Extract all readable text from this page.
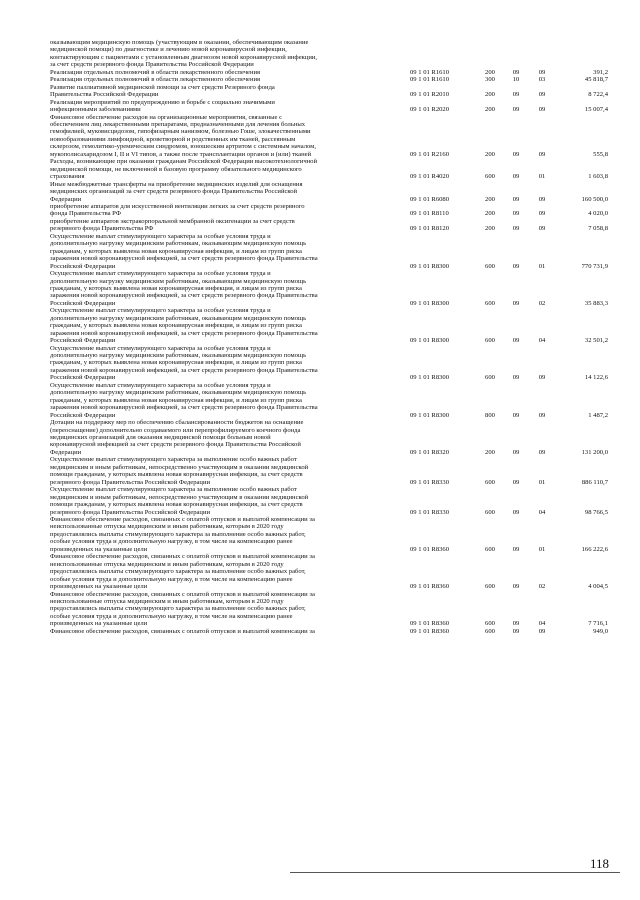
оказывающим медицинскую помощь (участвующим в оказании, обеспечивающим оказание
медицинской помощи) по диагностике и лечению новой коронавирусной инфекции,
контактирующим с пациентами с установленным диагнозом новой коронавирусной инфекции,
за счет средств резервного фонда Правительства Российской Федерации
Реализация отдельных полномочий в области лекарственного обеспечения	09 1 01 R1610	200	09	09	391,2
Реализация отдельных полномочий в области лекарственного обеспечения	09 1 01 R1610	300	10	03	45 818,7
Развитие паллиативной медицинской помощи за счет средств Резервного фонда
Правительства Российской Федерации	09 1 01 R2010	200	09	09	8 722,4
Реализация мероприятий по предупреждению и борьбе с социально значимыми
инфекционными заболеваниями	09 1 01 R2020	200	09	09	15 007,4
Финансовое обеспечение расходов на организационные мероприятия, связанные с
обеспечением лиц лекарственными препаратами, предназначенными для лечения больных
гемофилией, муковисцидозом, гипофизарным нанизмом, болезнью Гоше, злокачественными
новообразованиями лимфоидной, кроветворной и родственных им тканей, рассеянным
склерозом, гемолитико-уремическим синдромом, юношеским артритом с системным началом,
мукополисахаридозом I, II и VI типов, а также после трансплантации органов и (или) тканей	09 1 01 R2160	200	09	09	555,8
Расходы, возникающие при оказании гражданам Российской Федерации высокотехнологичной
медицинской помощи, не включенной в базовую программу обязательного медицинского
страхования	09 1 01 R4020	600	09	01	1 603,8
Иные межбюджетные трансферты на приобретение медицинских изделий для оснащения
медицинских организаций за счет средств резервного фонда Правительства Российской
Федерации	09 1 01 R6080	200	09	09	160 500,0
приобретение аппаратов для искусственной вентиляции легких за счет средств резервного
фонда Правительства РФ	09 1 01 R8110	200	09	09	4 020,0
приобретение аппаратов экстракорпоральной мембранной оксигенации за счет средств
резервного фонда Правительства РФ	09 1 01 R8120	200	09	09	7 058,8
Осуществление выплат стимулирующего характера за особые условия труда и
дополнительную нагрузку медицинским работникам, оказывающим медицинскую помощь
гражданам, у которых выявлена новая коронавирусная инфекция, и лицам из групп риска
заражения новой коронавирусной инфекцией, за счет средств резервного фонда Правительства
Российской Федерации	09 1 01 R8300	600	09	01	770 731,9
Осуществление выплат стимулирующего характера за особые условия труда и
дополнительную нагрузку медицинским работникам, оказывающим медицинскую помощь
гражданам, у которых выявлена новая коронавирусная инфекция, и лицам из групп риска
заражения новой коронавирусной инфекцией, за счет средств резервного фонда Правительства
Российской Федерации	09 1 01 R8300	600	09	02	35 883,3
Осуществление выплат стимулирующего характера за особые условия труда и
дополнительную нагрузку медицинским работникам, оказывающим медицинскую помощь
гражданам, у которых выявлена новая коронавирусная инфекция, и лицам из групп риска
заражения новой коронавирусной инфекцией, за счет средств резервного фонда Правительства
Российской Федерации	09 1 01 R8300	600	09	04	32 501,2
Осуществление выплат стимулирующего характера за особые условия труда и
дополнительную нагрузку медицинским работникам, оказывающим медицинскую помощь
гражданам, у которых выявлена новая коронавирусная инфекция, и лицам из групп риска
заражения новой коронавирусной инфекцией, за счет средств резервного фонда Правительства
Российской Федерации	09 1 01 R8300	600	09	09	14 122,6
Осуществление выплат стимулирующего характера за особые условия труда и
дополнительную нагрузку медицинским работникам, оказывающим медицинскую помощь
гражданам, у которых выявлена новая коронавирусная инфекция, и лицам из групп риска
заражения новой коронавирусной инфекцией, за счет средств резервного фонда Правительства
Российской Федерации	09 1 01 R8300	800	09	09	1 487,2
Дотации на поддержку мер по обеспечению сбалансированности бюджетов на оснащение
(переоснащение) дополнительно создаваемого или перепрофилируемого коечного фонда
медицинских организаций для оказания медицинской помощи больным новой
коронавирусной инфекцией за счет средств резервного фонда Правительства Российской
Федерации	09 1 01 R8320	200	09	09	131 200,0
Осуществление выплат стимулирующего характера за выполнение особо важных работ
медицинским и иным работникам, непосредственно участвующим в оказании медицинской
помощи гражданам, у которых выявлена новая коронавирусная инфекция, за счет средств
резервного фонда Правительства Российской Федерации	09 1 01 R8330	600	09	01	886 110,7
Осуществление выплат стимулирующего характера за выполнение особо важных работ
медицинским и иным работникам, непосредственно участвующим в оказании медицинской
помощи гражданам, у которых выявлена новая коронавирусная инфекция, за счет средств
резервного фонда Правительства Российской Федерации	09 1 01 R8330	600	09	04	98 766,5
Финансовое обеспечение расходов, связанных с оплатой отпусков и выплатой компенсации за
неиспользованные отпуска медицинским и иным работникам, которым в 2020 году
предоставлялись выплаты стимулирующего характера за выполнение особо важных работ,
особые условия труда и дополнительную нагрузку, в том числе на компенсацию ранее
произведенных на указанные цели	09 1 01 R8360	600	09	01	166 222,6
Финансовое обеспечение расходов, связанных с оплатой отпусков и выплатой компенсации за
неиспользованные отпуска медицинским и иным работникам, которым в 2020 году
предоставлялись выплаты стимулирующего характера за выполнение особо важных работ,
особые условия труда и дополнительную нагрузку, в том числе на компенсацию ранее
произведенных на указанные цели	09 1 01 R8360	600	09	02	4 004,5
Финансовое обеспечение расходов, связанных с оплатой отпусков и выплатой компенсации за
неиспользованные отпуска медицинским и иным работникам, которым в 2020 году
предоставлялись выплаты стимулирующего характера за выполнение особо важных работ,
особые условия труда и дополнительную нагрузку, в том числе на компенсацию ранее
произведенных на указанные цели	09 1 01 R8360	600	09	04	7 716,1
Финансовое обеспечение расходов, связанных с оплатой отпусков и выплатой компенсации за	09 1 01 R8360	600	09	09	949,0
118
